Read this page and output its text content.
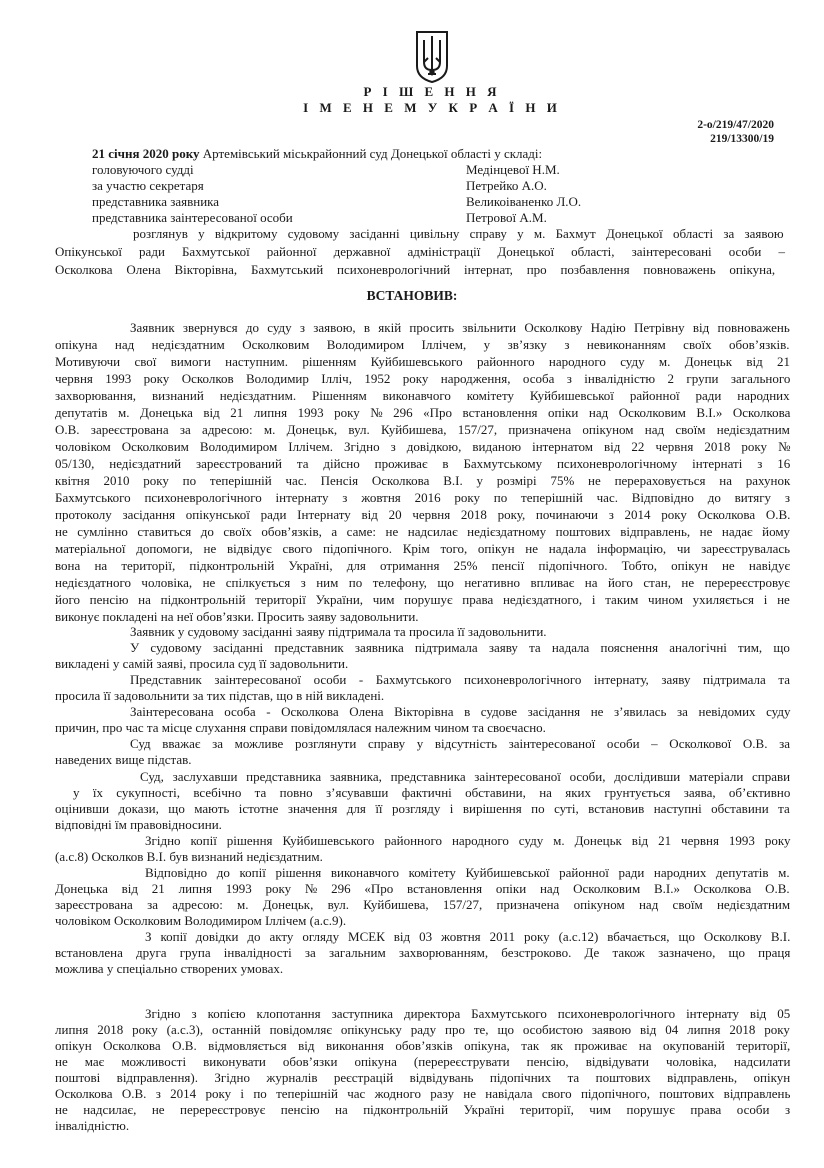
Р І Ш Е Н Н Я
І М Е Н Е М У К Р А Ї Н И
2-о/219/47/2020
219/13300/19
21 січня 2020 року Артемівський міськрайонний суд Донецької області у складі:
головуючого судді	Медінцевої Н.М.
за участю секретаря	Петрейко А.О.
представника заявника	Великоіваненко Л.О.
представника заінтересованої особи	Петрової А.М.
ВСТАНОВИВ:
розглянув у відкритому судовому засіданні цивільну справу у м. Бахмут Донецької області за заявою
Опікунської ради Бахмутської районної державної адміністрації Донецької області, заінтересовані особи –
Осколкова Олена Вікторівна, Бахмутський психоневрологічний інтернат, про позбавлення повноважень опікуна,
Заявник звернувся до суду з заявою, в якій просить звільнити Осколкову Надію Петрівну від повноважень
опікуна над недієздатним Осколковим Володимиром Іллічем, у зв’язку з невиконанням своїх обов’язків.
Мотивуючи свої вимоги наступним. рішенням Куйбишевського районного народного суду м. Донецьк від 21
червня 1993 року Осколков Володимир Ілліч, 1952 року народження, особа з інвалідністю 2 групи загального
захворювання, визнаний недієздатним. Рішенням виконавчого комітету Куйбишевської районної ради народних
депутатів м. Донецька від 21 липня 1993 року № 296 «Про встановлення опіки над Осколковим В.І.» Осколкова
О.В. зареєстрована за адресою: м. Донецьк, вул. Куйбишева, 157/27, призначена опікуном над своїм недієздатним
чоловіком Осколковим Володимиром Іллічем. Згідно з довідкою, виданою інтернатом від 22 червня 2018 року №
05/130, недієздатний зареєстрований та дійсно проживає в Бахмутському психоневрологічному інтернаті з 16
квітня 2010 року по теперішній час. Пенсія Осколкова В.І. у розмірі 75% не перераховується на рахунок
Бахмутського психоневрологічного інтернату з жовтня 2016 року по теперішній час. Відповідно до витягу з
протоколу засідання опікунської ради Інтернату від 20 червня 2018 року, починаючи з 2014 року Осколкова О.В.
не сумлінно ставиться до своїх обов’язків, а саме: не надсилає недієздатному поштових відправлень, не надає йому
матеріальної допомоги, не відвідує свого підопічного. Крім того, опікун не надала інформацію, чи зареєструвалась
вона на території, підконтрольній Україні, для отримання 25% пенсії підопічного. Тобто, опікун не навідує
недієздатного чоловіка, не спілкується з ним по телефону, що негативно впливає на його стан, не перереєстровує
його пенсію на підконтрольній території України, чим порушує права недієздатного, і таким чином ухиляється і не
виконує покладені на неї обов’язки. Просить заяву задовольнити.
Заявник у судовому засіданні заяву підтримала та просила її задовольнити.
У судовому засіданні представник заявника підтримала заяву та надала пояснення аналогічні тим, що
викладені у самій заяві, просила суд її задовольнити.
Представник заінтересованої особи - Бахмутського психоневрологічного інтернату, заяву підтримала та
просила її задовольнити за тих підстав, що в ній викладені.
Заінтересована особа - Осколкова Олена Вікторівна в судове засідання не з’явилась за невідомих суду
причин, про час та місце слухання справи повідомлялася належним чином та своєчасно.
Суд вважає за можливе розглянути справу у відсутність заінтересованої особи – Осколкової О.В. за
наведених вище підстав.
Суд, заслухавши представника заявника, представника заінтересованої особи, дослідивши матеріали справи
у їх сукупності, всебічно та повно з’ясувавши фактичні обставини, на яких грунтується заява, об’єктивно
оцінивши докази, що мають істотне значення для її розгляду і вирішення по суті, встановив наступні обставини та
відповідні їм правовідносини.
Згідно копії рішення Куйбишевського районного народного суду м. Донецьк від 21 червня 1993 року
(а.с.8) Осколков В.І. був визнаний недієздатним.
Відповідно до копії рішення виконавчого комітету Куйбишевської районної ради народних депутатів м.
Донецька від 21 липня 1993 року № 296 «Про встановлення опіки над Осколковим В.І.» Осколкова О.В.
зареєстрована за адресою: м. Донецьк, вул. Куйбишева, 157/27, призначена опікуном над своїм недієздатним
чоловіком Осколковим Володимиром Іллічем (а.с.9).
З копії довідки до акту огляду МСЕК від 03 жовтня 2011 року (а.с.12) вбачається, що Осколкову В.І.
встановлена друга група інвалідності за загальним захворюванням, безстроково. Де також зазначено, що праця
можлива у спеціально створених умовах.
Згідно з копією клопотання заступника директора Бахмутського психоневрологічного інтернату від 05
липня 2018 року (а.с.3), останній повідомляє опікунську раду про те, що особистою заявою від 04 липня 2018 року
опікун Осколкова О.В. відмовляється від виконання обов’язків опікуна, так як проживає на окупованій території,
не має можливості виконувати обов’язки опікуна (перереєструвати пенсію, відвідувати чоловіка, надсилати
поштові відправлення). Згідно журналів реєстрацій відвідувань підопічних та поштових відправлень, опікун
Осколкова О.В. з 2014 року і по теперішній час жодного разу не навідала свого підопічного, поштових відправлень
не надсилає, не перереєстровує пенсію на підконтрольній Україні території, чим порушує права особи з
інвалідністю.
